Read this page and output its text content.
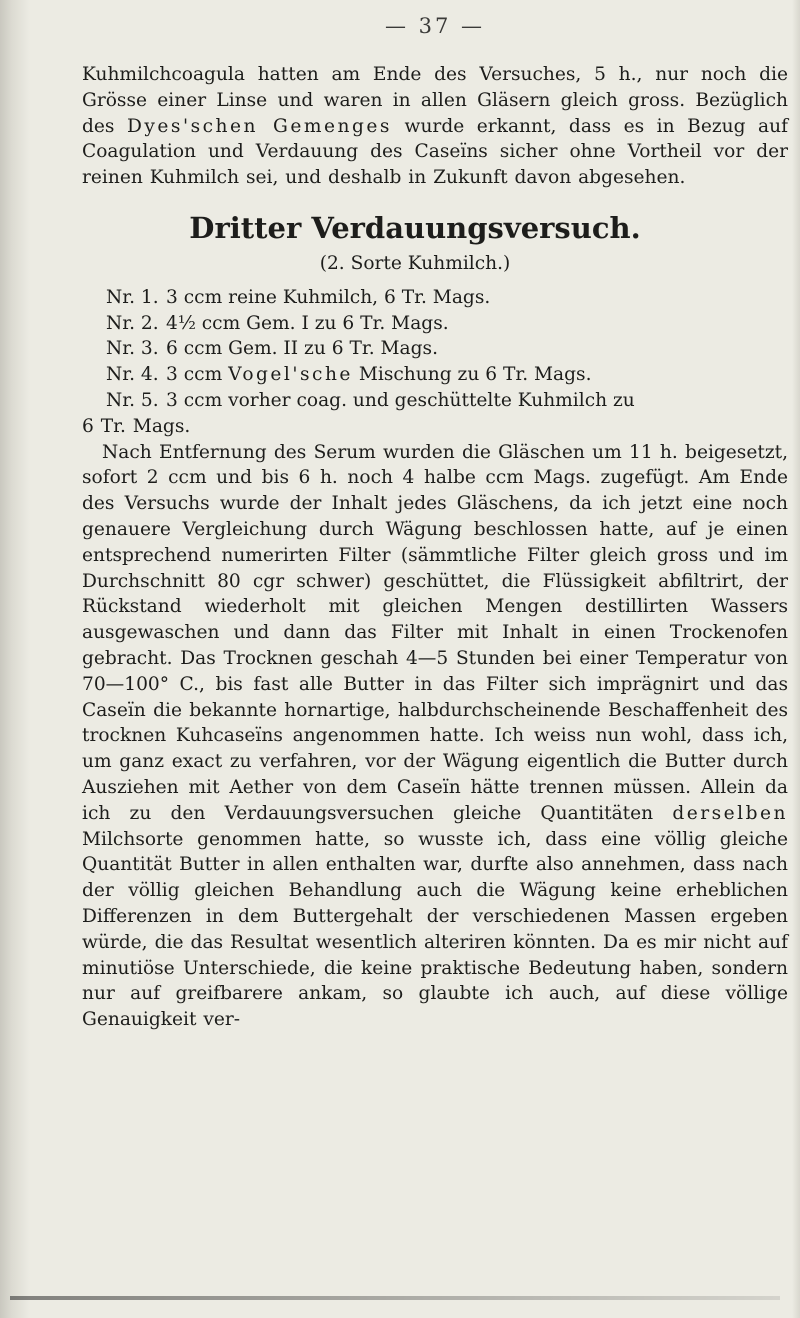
— 37 —

Kuhmilchcoagula hatten am Ende des Versuches, 5 h., nur noch die Grösse einer Linse und waren in allen Gläsern gleich gross. Bezüglich des Dyes'schen Gemenges wurde erkannt, dass es in Bezug auf Coagulation und Verdauung des Caseïns sicher ohne Vortheil vor der reinen Kuhmilch sei, und deshalb in Zukunft davon abgesehen.

Dritter Verdauungsversuch.
(2. Sorte Kuhmilch.)
Nr. 1. 3 ccm reine Kuhmilch, 6 Tr. Mags.
Nr. 2. 4½ ccm Gem. I zu 6 Tr. Mags.
Nr. 3. 6 ccm Gem. II zu 6 Tr. Mags.
Nr. 4. 3 ccm Vogel'sche Mischung zu 6 Tr. Mags.
Nr. 5. 3 ccm vorher coag. und geschüttelte Kuhmilch zu

6 Tr. Mags.

Nach Entfernung des Serum wurden die Gläschen um 11 h. beigesetzt, sofort 2 ccm und bis 6 h. noch 4 halbe ccm Mags. zugefügt. Am Ende des Versuchs wurde der Inhalt jedes Gläschens, da ich jetzt eine noch genauere Vergleichung durch Wägung beschlossen hatte, auf je einen entsprechend numerirten Filter (sämmtliche Filter gleich gross und im Durchschnitt 80 cgr schwer) geschüttet, die Flüssigkeit abfiltrirt, der Rückstand wiederholt mit gleichen Mengen destillirten Wassers ausgewaschen und dann das Filter mit Inhalt in einen Trockenofen gebracht. Das Trocknen geschah 4—5 Stunden bei einer Temperatur von 70—100° C., bis fast alle Butter in das Filter sich imprägnirt und das Caseïn die bekannte hornartige, halbdurchscheinende Beschaffenheit des trocknen Kuhcaseïns angenommen hatte. Ich weiss nun wohl, dass ich, um ganz exact zu verfahren, vor der Wägung eigentlich die Butter durch Ausziehen mit Aether von dem Caseïn hätte trennen müssen. Allein da ich zu den Verdauungsversuchen gleiche Quantitäten derselben Milchsorte genommen hatte, so wusste ich, dass eine völlig gleiche Quantität Butter in allen enthalten war, durfte also annehmen, dass nach der völlig gleichen Behandlung auch die Wägung keine erheblichen Differenzen in dem Buttergehalt der verschiedenen Massen ergeben würde, die das Resultat wesentlich alteriren könnten. Da es mir nicht auf minutiöse Unterschiede, die keine praktische Bedeutung haben, sondern nur auf greifbarere ankam, so glaubte ich auch, auf diese völlige Genauigkeit ver-
